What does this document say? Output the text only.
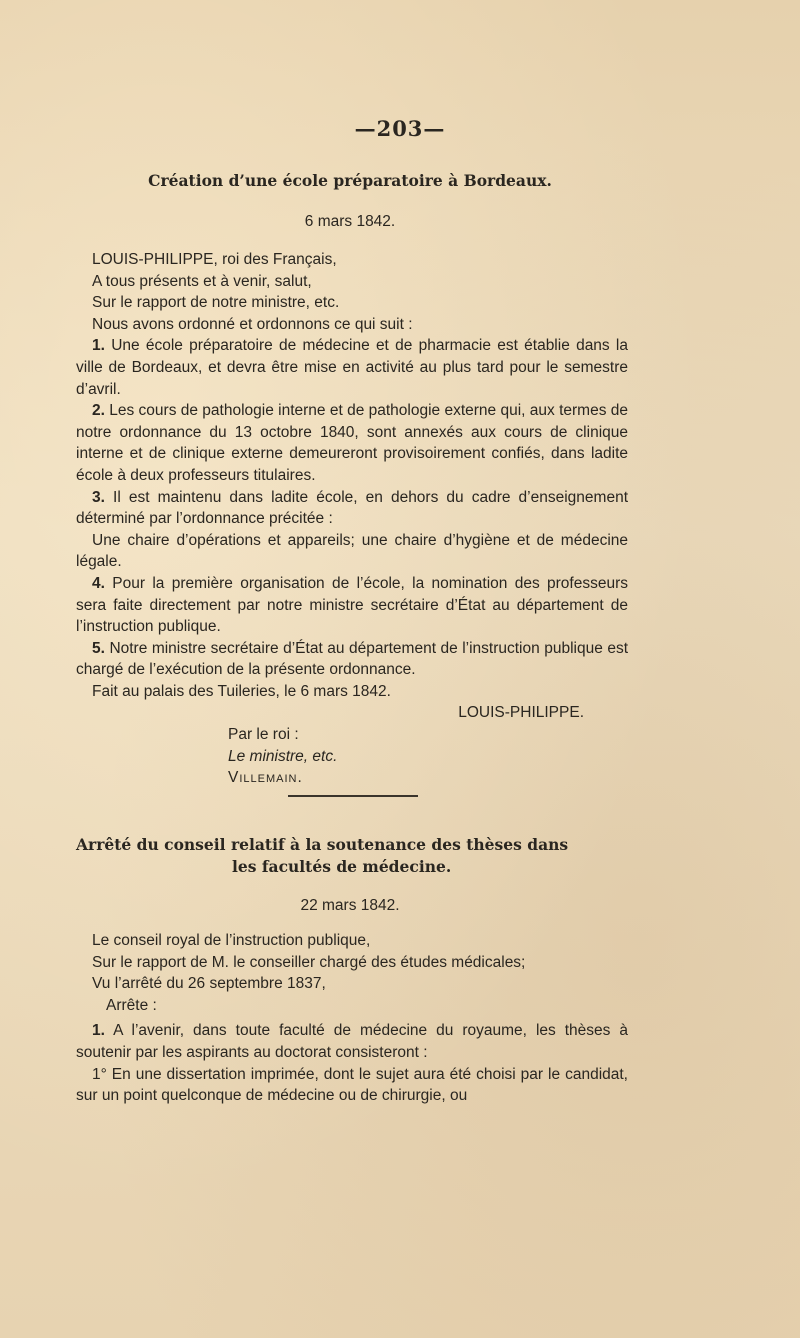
—203—
Création d’une école préparatoire à Bordeaux.
6 mars 1842.

LOUIS-PHILIPPE, roi des Français,

A tous présents et à venir, salut,

Sur le rapport de notre ministre, etc.

Nous avons ordonné et ordonnons ce qui suit :

1. Une école préparatoire de médecine et de pharmacie est établie dans la ville de Bordeaux, et devra être mise en activité au plus tard pour le semestre d’avril.

2. Les cours de pathologie interne et de pathologie externe qui, aux termes de notre ordonnance du 13 octobre 1840, sont annexés aux cours de clinique interne et de clinique externe demeureront provisoirement confiés, dans ladite école à deux professeurs titulaires.

3. Il est maintenu dans ladite école, en dehors du cadre d’enseignement déterminé par l’ordonnance précitée :

Une chaire d’opérations et appareils; une chaire d’hygiène et de médecine légale.

4. Pour la première organisation de l’école, la nomination des professeurs sera faite directement par notre ministre secrétaire d’État au département de l’instruction publique.

5. Notre ministre secrétaire d’État au département de l’instruction publique est chargé de l’exécution de la présente ordonnance.

Fait au palais des Tuileries, le 6 mars 1842.

LOUIS-PHILIPPE.

Par le roi :

Le ministre, etc.

Villemain.

Arrêté du conseil relatif à la soutenance des thèses dans
les facultés de médecine.
22 mars 1842.

Le conseil royal de l’instruction publique,

Sur le rapport de M. le conseiller chargé des études médicales;

Vu l’arrêté du 26 septembre 1837,

Arrête :

1. A l’avenir, dans toute faculté de médecine du royaume, les thèses à soutenir par les aspirants au doctorat consisteront :

1° En une dissertation imprimée, dont le sujet aura été choisi par le candidat, sur un point quelconque de médecine ou de chirurgie, ou
